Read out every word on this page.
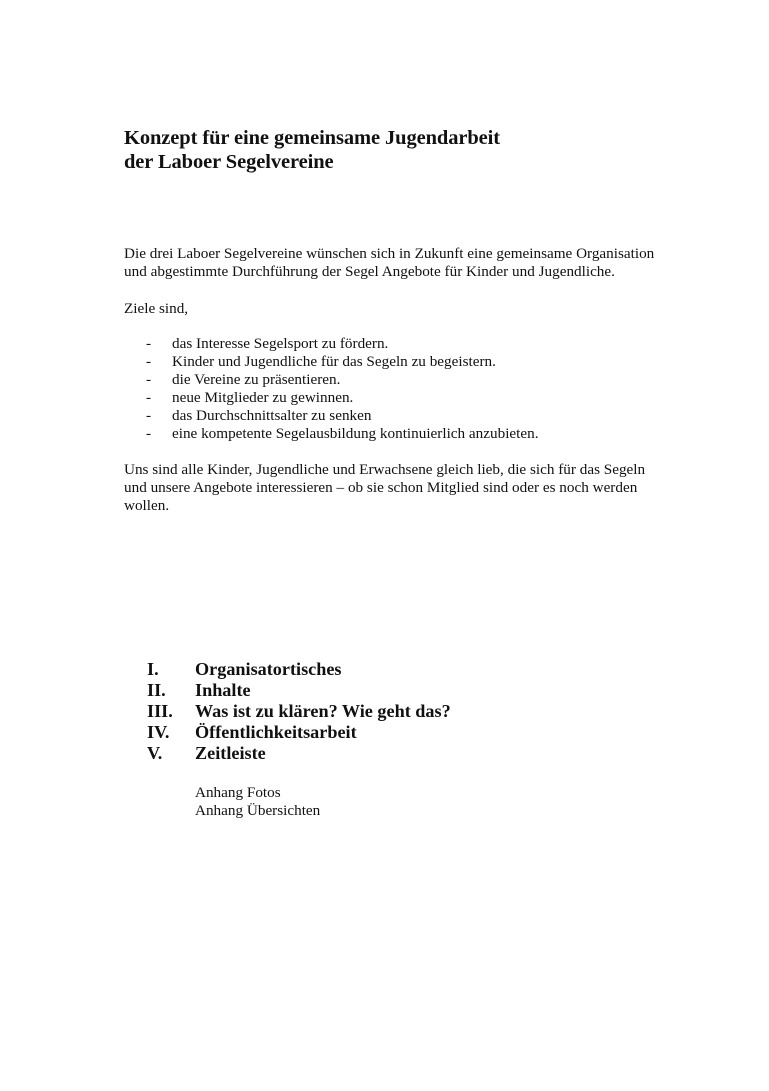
Konzept für eine gemeinsame Jugendarbeit
der Laboer Segelvereine

Die drei Laboer Segelvereine wünschen sich in Zukunft eine gemeinsame Organisation
und abgestimmte Durchführung der Segel Angebote für Kinder und Jugendliche.

Ziele sind,

- das Interesse Segelsport zu fördern.
- Kinder und Jugendliche für das Segeln zu begeistern.
- die Vereine zu präsentieren.
- neue Mitglieder zu gewinnen.
- das Durchschnittsalter zu senken
- eine kompetente Segelausbildung kontinuierlich anzubieten.

Uns sind alle Kinder, Jugendliche und Erwachsene gleich lieb, die sich für das Segeln
und unsere Angebote interessieren – ob sie schon Mitglied sind oder es noch werden
wollen.

I. Organisatortisches
II. Inhalte
III. Was ist zu klären? Wie geht das?
IV. Öffentlichkeitsarbeit
V. Zeitleiste

Anhang Fotos
Anhang Übersichten
